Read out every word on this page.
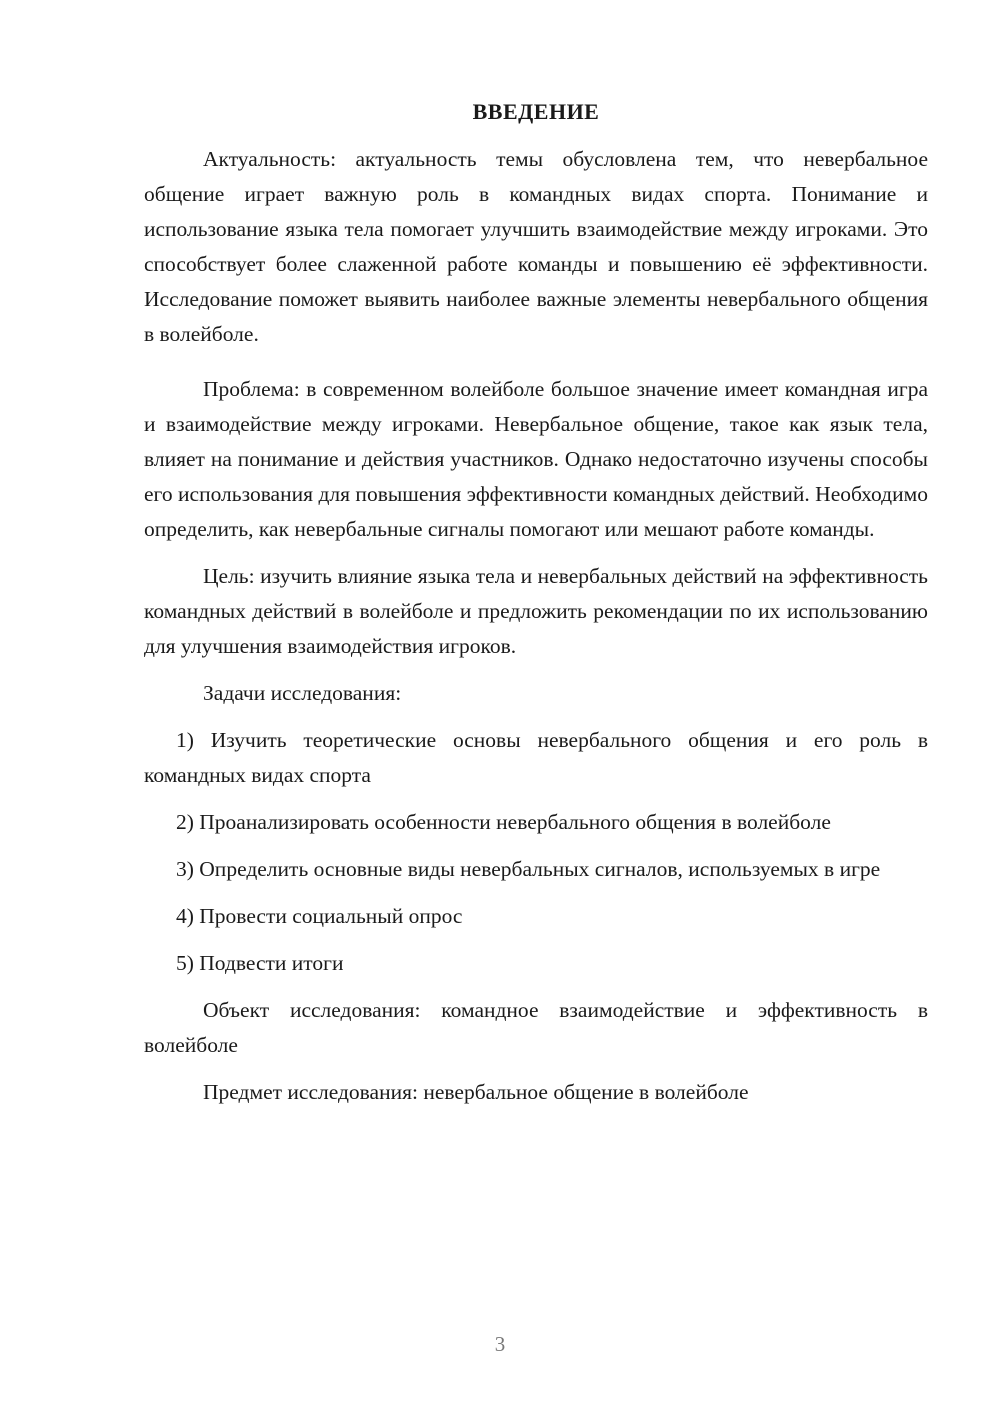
ВВЕДЕНИЕ

Актуальность: актуальность темы обусловлена тем, что невербальное общение играет важную роль в командных видах спорта. Понимание и использование языка тела помогает улучшить взаимодействие между игроками. Это способствует более слаженной работе команды и повышению её эффективности. Исследование поможет выявить наиболее важные элементы невербального общения в волейболе.

Проблема: в современном волейболе большое значение имеет командная игра и взаимодействие между игроками. Невербальное общение, такое как язык тела, влияет на понимание и действия участников. Однако недостаточно изучены способы его использования для повышения эффективности командных действий. Необходимо определить, как невербальные сигналы помогают или мешают работе команды.

Цель: изучить влияние языка тела и невербальных действий на эффективность командных действий в волейболе и предложить рекомендации по их использованию для улучшения взаимодействия игроков.

Задачи исследования:

1) Изучить теоретические основы невербального общения и его роль в командных видах спорта

2) Проанализировать особенности невербального общения в волейболе

3) Определить основные виды невербальных сигналов, используемых в игре

4) Провести социальный опрос

5) Подвести итоги

Объект исследования: командное взаимодействие и эффективность в волейболе

Предмет исследования: невербальное общение в волейболе

3
